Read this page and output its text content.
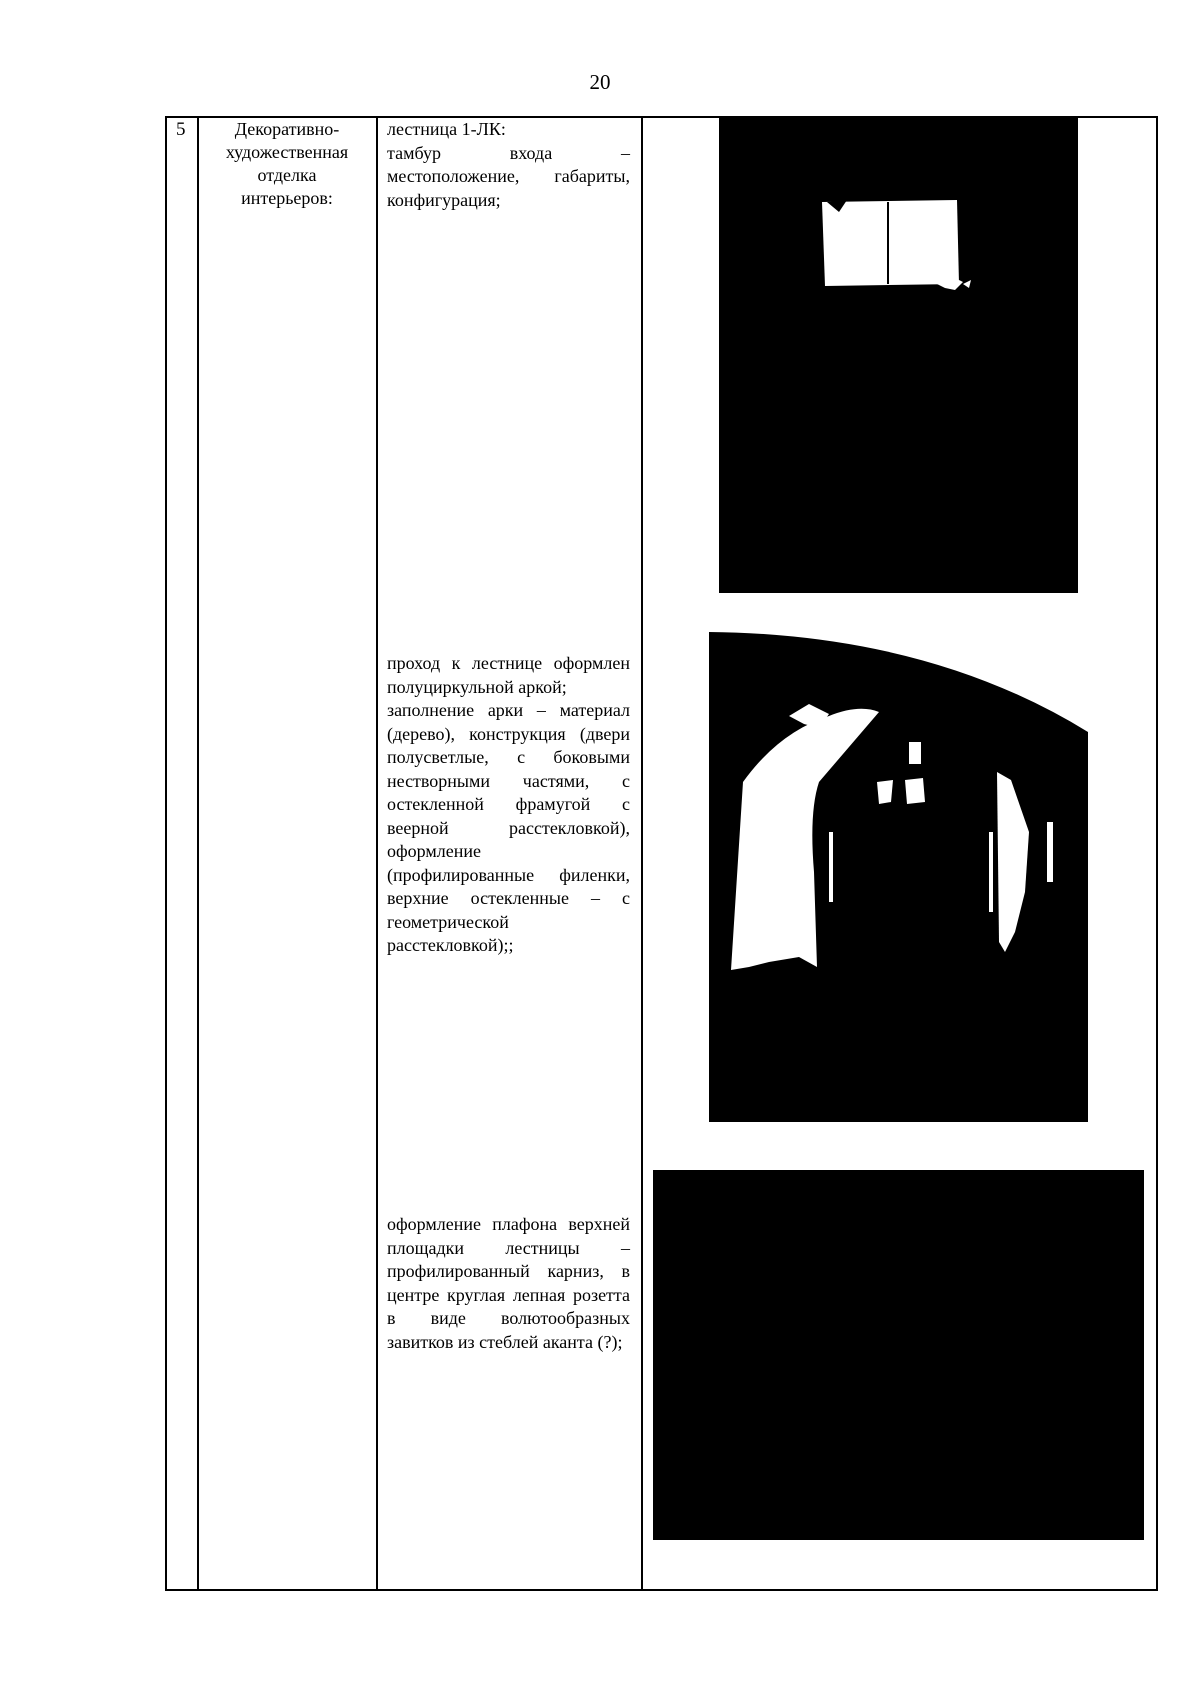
20
5	Декоративно-
художественная
отделка
интерьеров:

лестница 1-ЛК:

тамбур входа – местоположение, габариты, конфигурация;

проход к лестнице оформлен полуциркульной аркой;

заполнение арки – материал (дерево), конструкция (двери полусветлые, с боковыми нестворными частями, с остекленной фрамугой с веерной расстекловкой), оформление (профилированные филенки, верхние остекленные – с геометрической расстекловкой);;

оформление плафона верхней площадки лестницы – профилированный карниз, в центре круглая лепная розетта в виде волютообразных завитков из стеблей аканта (?);
